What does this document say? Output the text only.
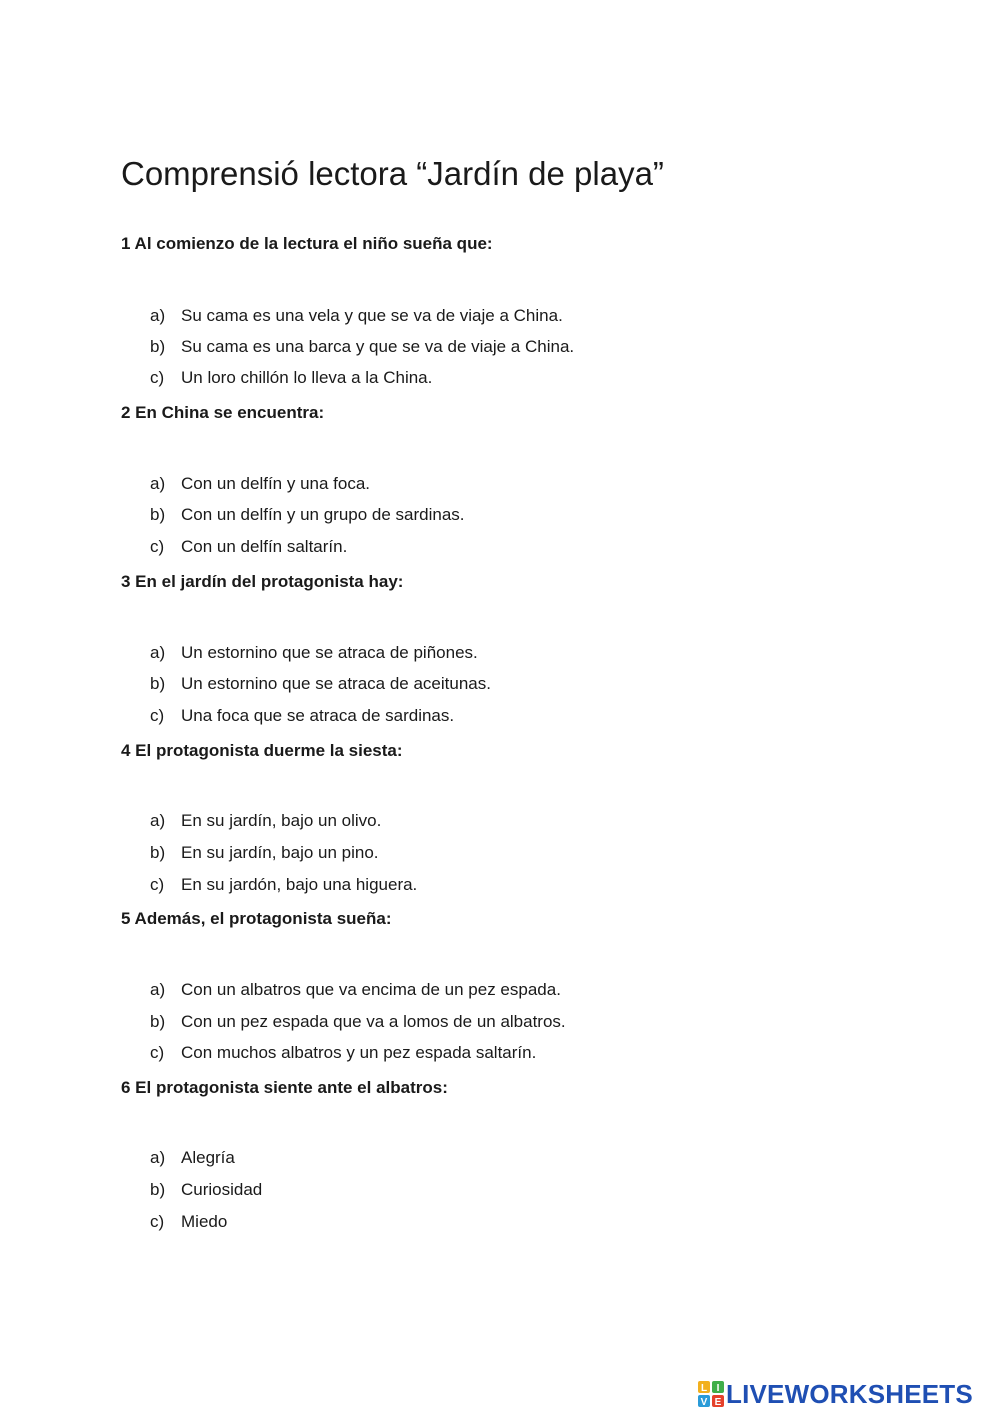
Comprensió lectora “Jardín de playa”

1 Al comienzo de la lectura el niño sueña que:

a) Su cama es una vela y que se va de viaje a China.
b) Su cama es una barca y que se va de viaje a China.
c) Un loro chillón lo lleva a la China.

2 En China se encuentra:

a) Con un delfín y una foca.
b) Con un delfín y un grupo de sardinas.
c) Con un delfín saltarín.

3 En el jardín del protagonista hay:

a) Un estornino que se atraca de piñones.
b) Un estornino que se atraca de aceitunas.
c) Una foca que se atraca de sardinas.

4 El protagonista duerme la siesta:

a) En su jardín, bajo un olivo.
b) En su jardín, bajo un pino.
c) En su jardón, bajo una higuera.

5 Además, el protagonista sueña:

a) Con un albatros que va encima de un pez espada.
b) Con un pez espada que va a lomos de un albatros.
c) Con muchos albatros y un pez espada saltarín.

6 El protagonista siente ante el albatros:

a) Alegría
b) Curiosidad
c) Miedo
L I
V E LIVEWORKSHEETS
